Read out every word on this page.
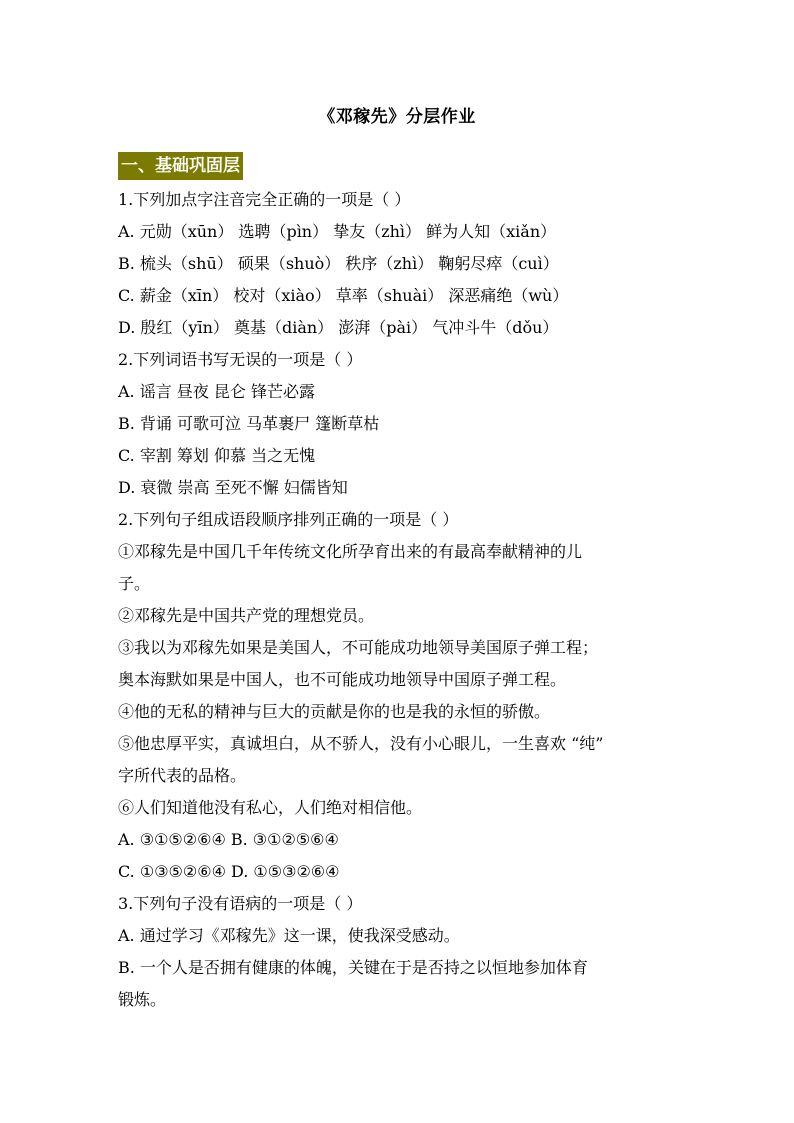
《邓稼先》分层作业
一、基础巩固层
1.下列加点字注音完全正确的一项是（ ）
A. 元勋（xūn） 选聘（pìn） 挚友（zhì） 鲜为人知（xiǎn）
B. 梳头（shū） 硕果（shuò） 秩序（zhì） 鞠躬尽瘁（cuì）
C. 薪金（xīn） 校对（xiào） 草率（shuài） 深恶痛绝（wù）
D. 殷红（yīn） 奠基（diàn） 澎湃（pài） 气冲斗牛（dǒu）
2.下列词语书写无误的一项是（ ）
A. 谣言 昼夜 昆仑 锋芒必露
B. 背诵 可歌可泣 马革裹尸 篷断草枯
C. 宰割 筹划 仰慕 当之无愧
D. 衰微 崇高 至死不懈 妇儒皆知
2.下列句子组成语段顺序排列正确的一项是（ ）
①邓稼先是中国几千年传统文化所孕育出来的有最高奉献精神的儿
子。
②邓稼先是中国共产党的理想党员。
③我以为邓稼先如果是美国人，不可能成功地领导美国原子弹工程；
奥本海默如果是中国人，也不可能成功地领导中国原子弹工程。
④他的无私的精神与巨大的贡献是你的也是我的永恒的骄傲。
⑤他忠厚平实，真诚坦白，从不骄人，没有小心眼儿，一生喜欢 “纯”
字所代表的品格。
⑥人们知道他没有私心，人们绝对相信他。
A. ③①⑤②⑥④ B. ③①②⑤⑥④
C. ①③⑤②⑥④ D. ①⑤③②⑥④
3.下列句子没有语病的一项是（ ）
A. 通过学习《邓稼先》这一课，使我深受感动。
B. 一个人是否拥有健康的体魄，关键在于是否持之以恒地参加体育
锻炼。
